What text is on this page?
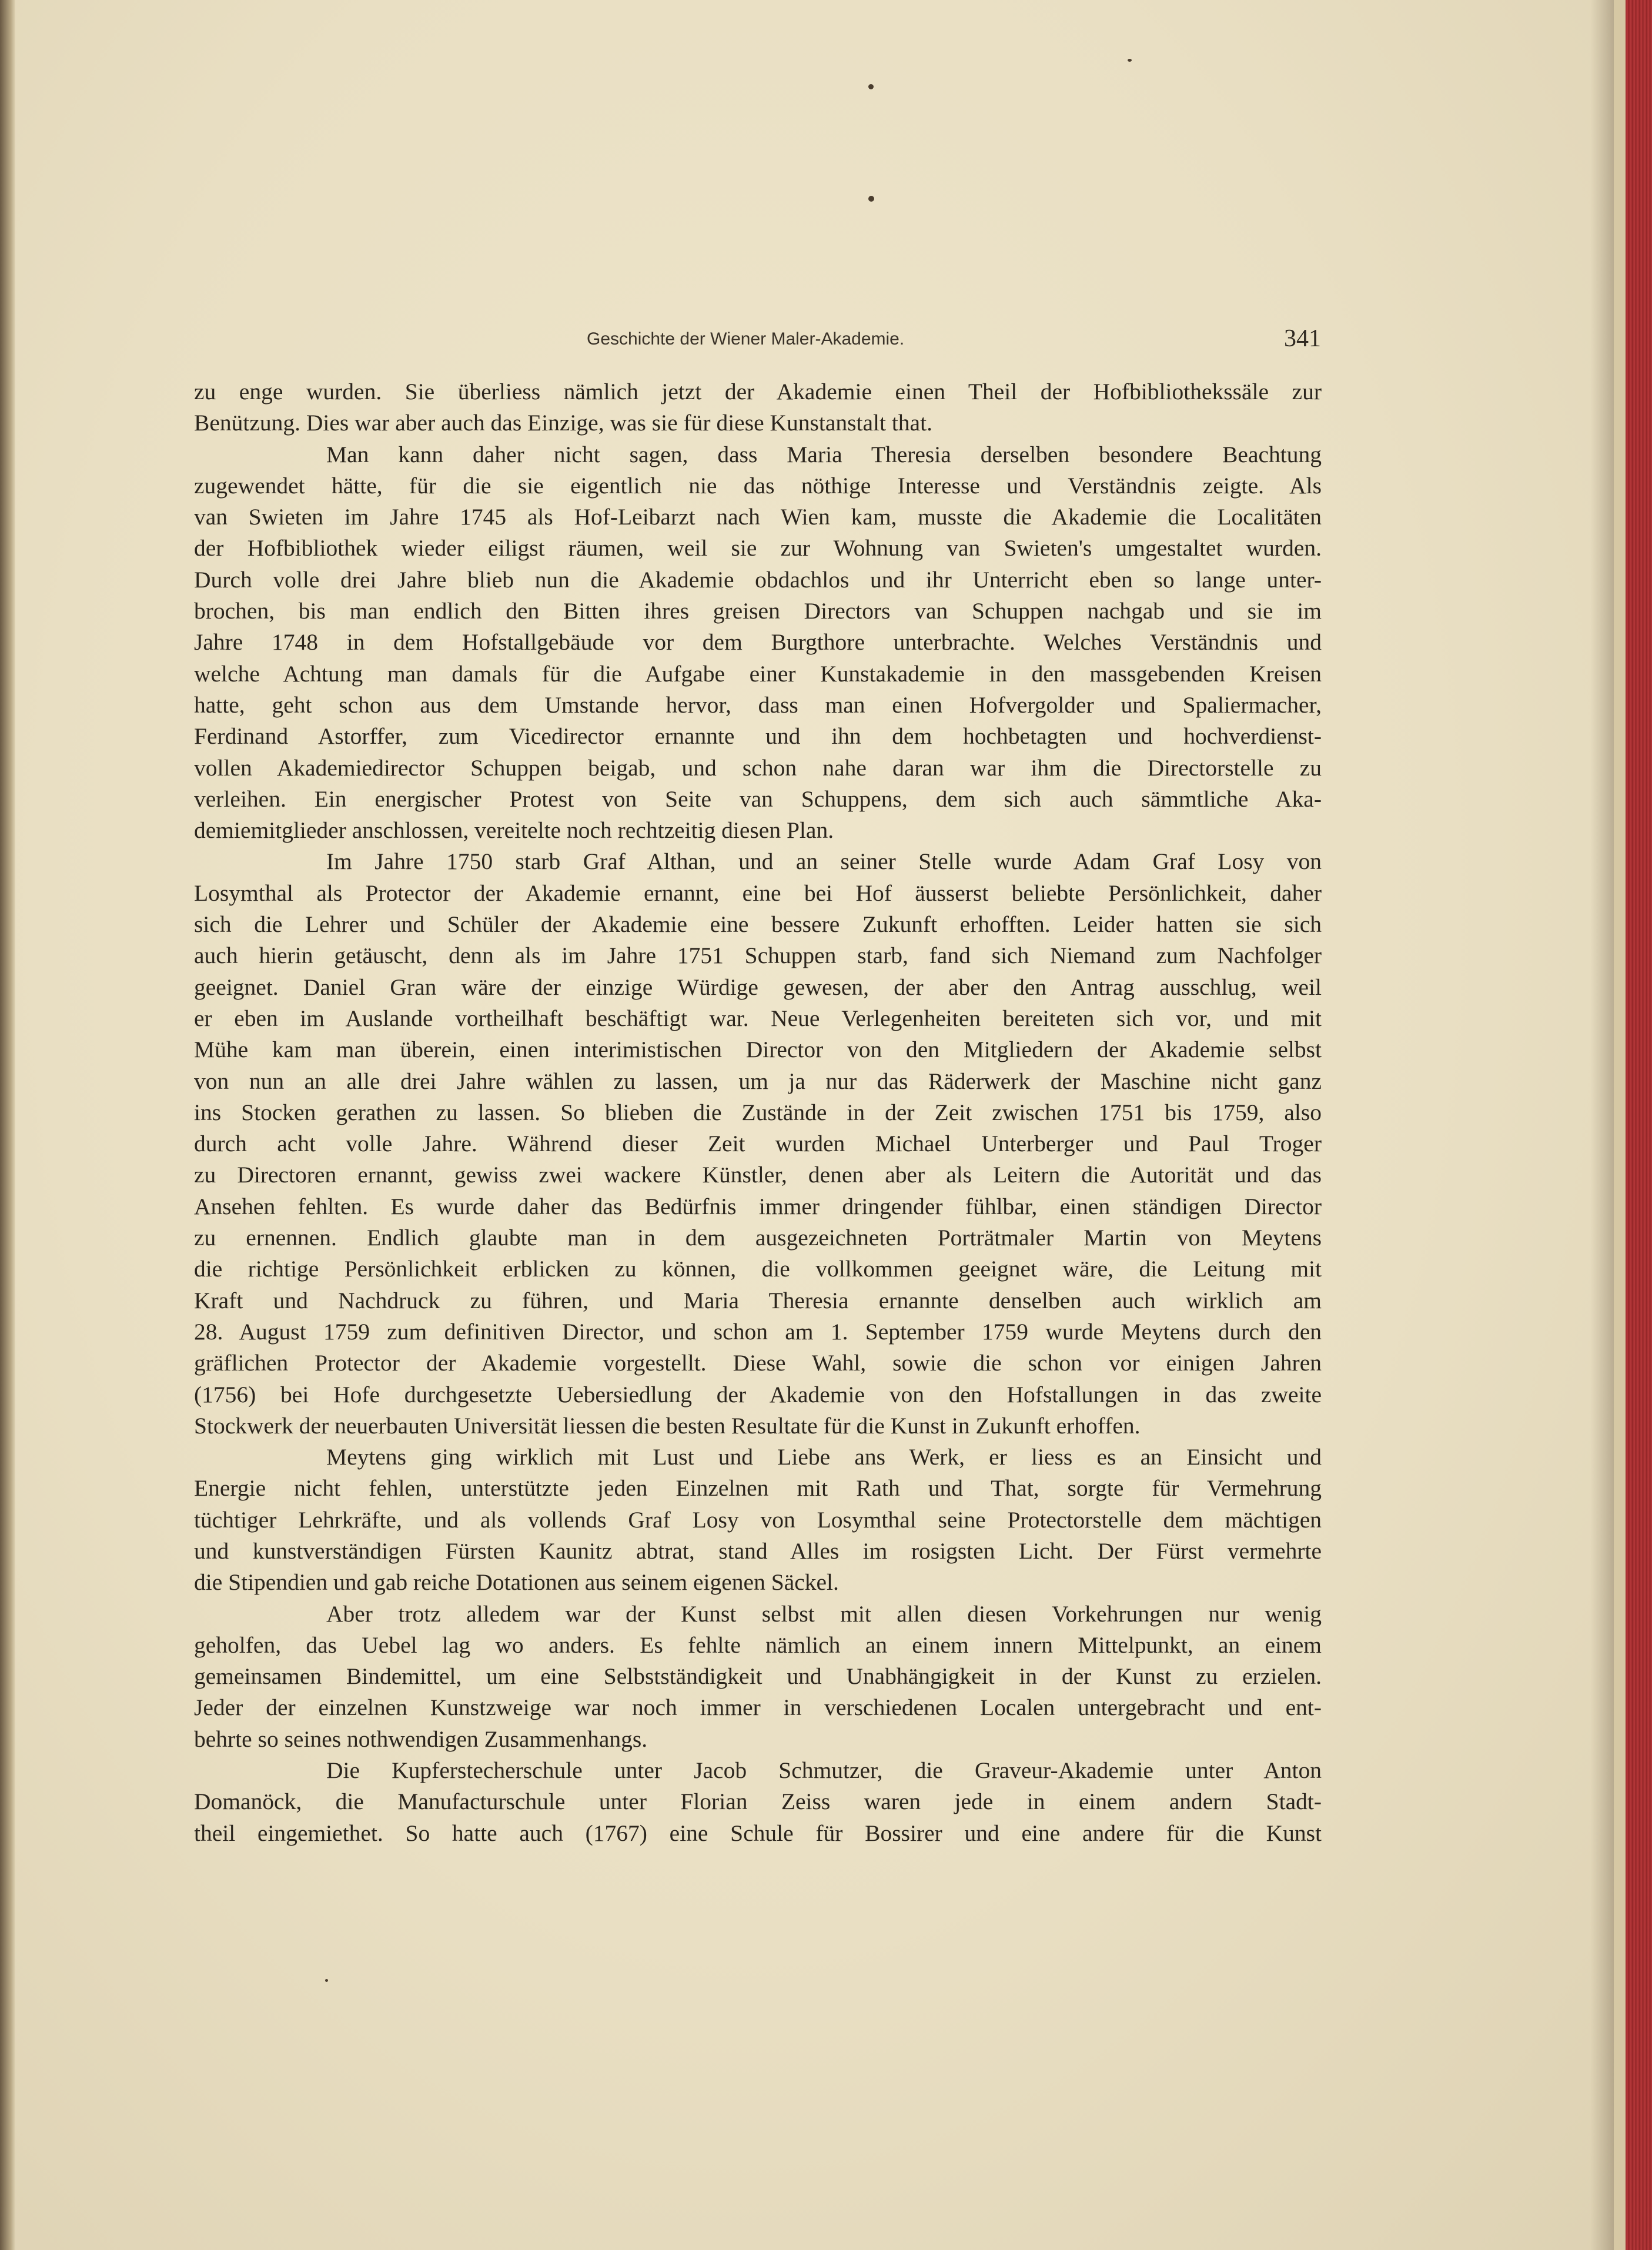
Geschichte der Wiener Maler-Akademie.	341
zu enge wurden. Sie überliess nämlich jetzt der Akademie einen Theil der Hofbibliothekssäle zur
Benützung. Dies war aber auch das Einzige, was sie für diese Kunstanstalt that.
Man kann daher nicht sagen, dass Maria Theresia derselben besondere Beachtung
zugewendet hätte, für die sie eigentlich nie das nöthige Interesse und Verständnis zeigte. Als
van Swieten im Jahre 1745 als Hof-Leibarzt nach Wien kam, musste die Akademie die Localitäten
der Hofbibliothek wieder eiligst räumen, weil sie zur Wohnung van Swieten's umgestaltet wurden.
Durch volle drei Jahre blieb nun die Akademie obdachlos und ihr Unterricht eben so lange unter-
brochen, bis man endlich den Bitten ihres greisen Directors van Schuppen nachgab und sie im
Jahre 1748 in dem Hofstallgebäude vor dem Burgthore unterbrachte. Welches Verständnis und
welche Achtung man damals für die Aufgabe einer Kunstakademie in den massgebenden Kreisen
hatte, geht schon aus dem Umstande hervor, dass man einen Hofvergolder und Spaliermacher,
Ferdinand Astorffer, zum Vicedirector ernannte und ihn dem hochbetagten und hochverdienst-
vollen Akademiedirector Schuppen beigab, und schon nahe daran war ihm die Directorstelle zu
verleihen. Ein energischer Protest von Seite van Schuppens, dem sich auch sämmtliche Aka-
demiemitglieder anschlossen, vereitelte noch rechtzeitig diesen Plan.
Im Jahre 1750 starb Graf Althan, und an seiner Stelle wurde Adam Graf Losy von
Losymthal als Protector der Akademie ernannt, eine bei Hof äusserst beliebte Persönlichkeit, daher
sich die Lehrer und Schüler der Akademie eine bessere Zukunft erhofften. Leider hatten sie sich
auch hierin getäuscht, denn als im Jahre 1751 Schuppen starb, fand sich Niemand zum Nachfolger
geeignet. Daniel Gran wäre der einzige Würdige gewesen, der aber den Antrag ausschlug, weil
er eben im Auslande vortheilhaft beschäftigt war. Neue Verlegenheiten bereiteten sich vor, und mit
Mühe kam man überein, einen interimistischen Director von den Mitgliedern der Akademie selbst
von nun an alle drei Jahre wählen zu lassen, um ja nur das Räderwerk der Maschine nicht ganz
ins Stocken gerathen zu lassen. So blieben die Zustände in der Zeit zwischen 1751 bis 1759, also
durch acht volle Jahre. Während dieser Zeit wurden Michael Unterberger und Paul Troger
zu Directoren ernannt, gewiss zwei wackere Künstler, denen aber als Leitern die Autorität und das
Ansehen fehlten. Es wurde daher das Bedürfnis immer dringender fühlbar, einen ständigen Director
zu ernennen. Endlich glaubte man in dem ausgezeichneten Porträtmaler Martin von Meytens
die richtige Persönlichkeit erblicken zu können, die vollkommen geeignet wäre, die Leitung mit
Kraft und Nachdruck zu führen, und Maria Theresia ernannte denselben auch wirklich am
28. August 1759 zum definitiven Director, und schon am 1. September 1759 wurde Meytens durch den
gräflichen Protector der Akademie vorgestellt. Diese Wahl, sowie die schon vor einigen Jahren
(1756) bei Hofe durchgesetzte Uebersiedlung der Akademie von den Hofstallungen in das zweite
Stockwerk der neuerbauten Universität liessen die besten Resultate für die Kunst in Zukunft erhoffen.
Meytens ging wirklich mit Lust und Liebe ans Werk, er liess es an Einsicht und
Energie nicht fehlen, unterstützte jeden Einzelnen mit Rath und That, sorgte für Vermehrung
tüchtiger Lehrkräfte, und als vollends Graf Losy von Losymthal seine Protectorstelle dem mächtigen
und kunstverständigen Fürsten Kaunitz abtrat, stand Alles im rosigsten Licht. Der Fürst vermehrte
die Stipendien und gab reiche Dotationen aus seinem eigenen Säckel.
Aber trotz alledem war der Kunst selbst mit allen diesen Vorkehrungen nur wenig
geholfen, das Uebel lag wo anders. Es fehlte nämlich an einem innern Mittelpunkt, an einem
gemeinsamen Bindemittel, um eine Selbstständigkeit und Unabhängigkeit in der Kunst zu erzielen.
Jeder der einzelnen Kunstzweige war noch immer in verschiedenen Localen untergebracht und ent-
behrte so seines nothwendigen Zusammenhangs.
Die Kupferstecherschule unter Jacob Schmutzer, die Graveur-Akademie unter Anton
Domanöck, die Manufacturschule unter Florian Zeiss waren jede in einem andern Stadt-
theil eingemiethet. So hatte auch (1767) eine Schule für Bossirer und eine andere für die Kunst
